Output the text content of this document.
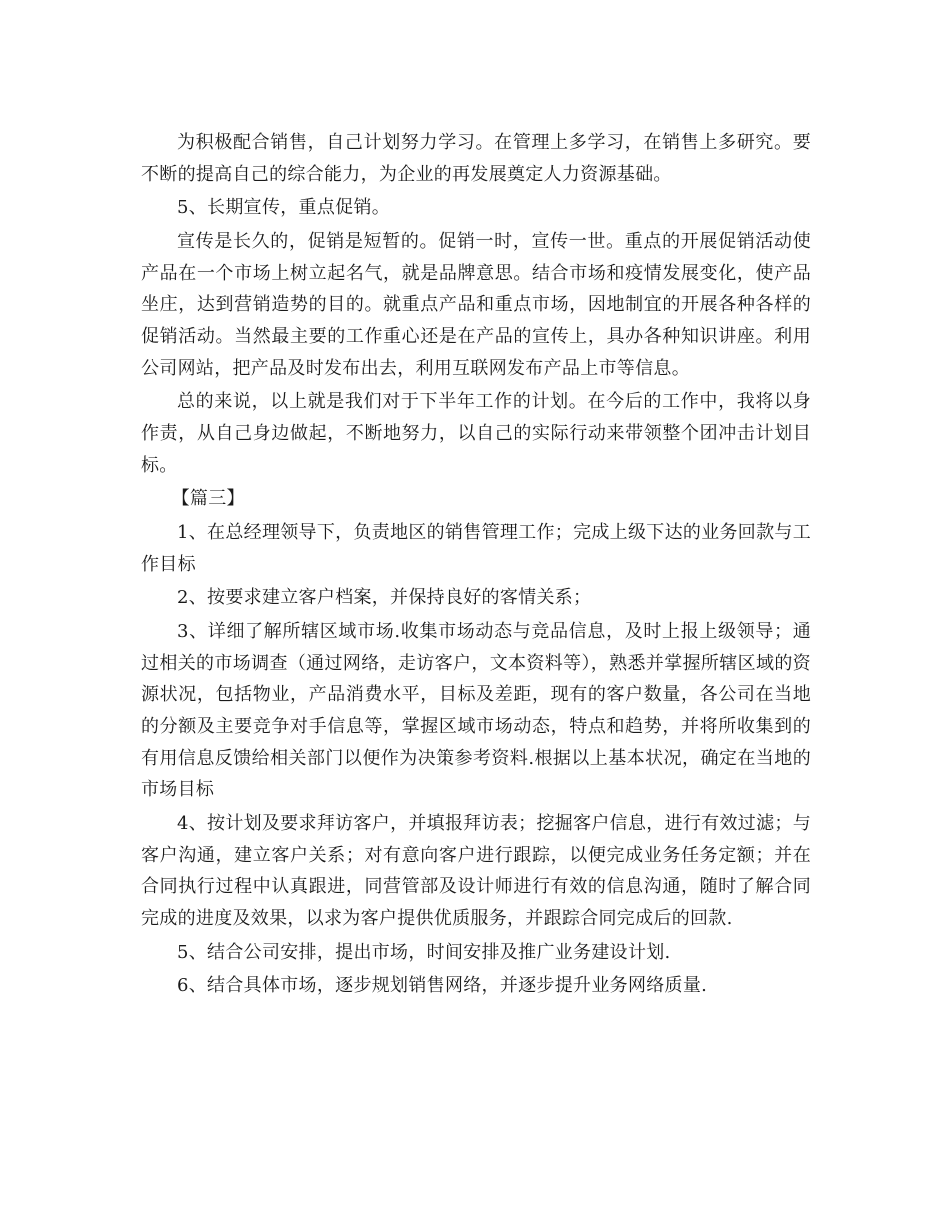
为积极配合销售，自己计划努力学习。在管理上多学习，在销售上多研究。要不断的提高自己的综合能力，为企业的再发展奠定人力资源基础。

5、长期宣传，重点促销。

宣传是长久的，促销是短暂的。促销一时，宣传一世。重点的开展促销活动使产品在一个市场上树立起名气，就是品牌意思。结合市场和疫情发展变化，使产品坐庄，达到营销造势的目的。就重点产品和重点市场，因地制宜的开展各种各样的促销活动。当然最主要的工作重心还是在产品的宣传上，具办各种知识讲座。利用公司网站，把产品及时发布出去，利用互联网发布产品上市等信息。

总的来说，以上就是我们对于下半年工作的计划。在今后的工作中，我将以身作责，从自己身边做起，不断地努力，以自己的实际行动来带领整个团冲击计划目标。

【篇三】

1、在总经理领导下，负责地区的销售管理工作；完成上级下达的业务回款与工作目标

2、按要求建立客户档案，并保持良好的客情关系；

3、详细了解所辖区域市场.收集市场动态与竞品信息，及时上报上级领导；通过相关的市场调查（通过网络，走访客户，文本资料等），熟悉并掌握所辖区域的资源状况，包括物业，产品消费水平，目标及差距，现有的客户数量，各公司在当地的分额及主要竞争对手信息等，掌握区域市场动态，特点和趋势，并将所收集到的有用信息反馈给相关部门以便作为决策参考资料.根据以上基本状况，确定在当地的市场目标

4、按计划及要求拜访客户，并填报拜访表；挖掘客户信息，进行有效过滤；与客户沟通，建立客户关系；对有意向客户进行跟踪，以便完成业务任务定额；并在合同执行过程中认真跟进，同营管部及设计师进行有效的信息沟通，随时了解合同完成的进度及效果，以求为客户提供优质服务，并跟踪合同完成后的回款.

5、结合公司安排，提出市场，时间安排及推广业务建设计划.

6、结合具体市场，逐步规划销售网络，并逐步提升业务网络质量.
